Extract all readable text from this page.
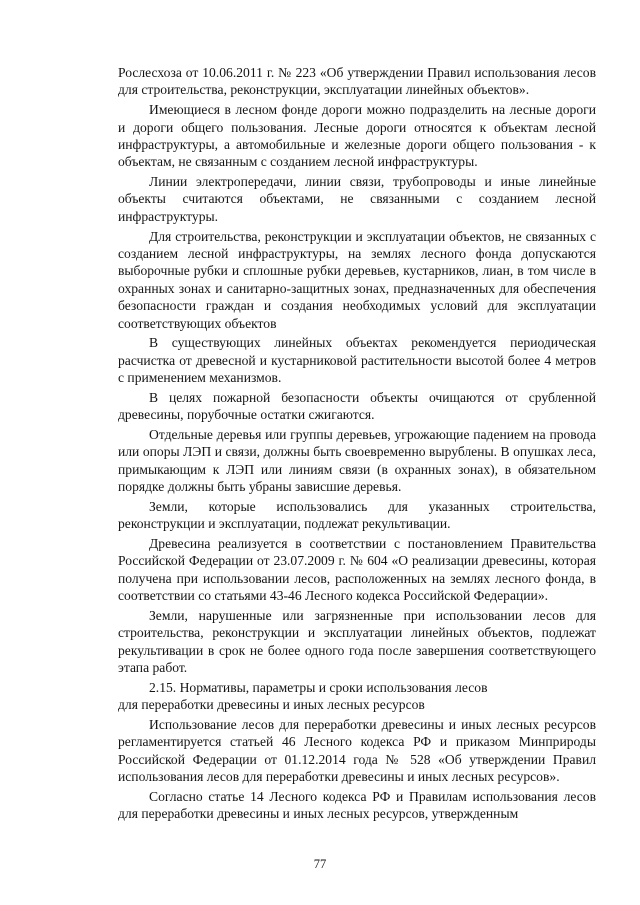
Рослесхоза от 10.06.2011 г. № 223 «Об утверждении Правил использования лесов для строительства, реконструкции, эксплуатации линейных объектов».

Имеющиеся в лесном фонде дороги можно подразделить на лесные дороги и дороги общего пользования. Лесные дороги относятся к объектам лесной инфраструктуры, а автомобильные и железные дороги общего пользования - к объектам, не связанным с созданием лесной инфраструктуры.

Линии электропередачи, линии связи, трубопроводы и иные линейные объекты считаются объектами, не связанными с созданием лесной инфраструктуры.

Для строительства, реконструкции и эксплуатации объектов, не связанных с созданием лесной инфраструктуры, на землях лесного фонда допускаются выборочные рубки и сплошные рубки деревьев, кустарников, лиан, в том числе в охранных зонах и санитарно-защитных зонах, предназначенных для обеспечения безопасности граждан и создания необходимых условий для эксплуатации соответствующих объектов

В существующих линейных объектах рекомендуется периодическая расчистка от древесной и кустарниковой растительности высотой более 4 метров с применением механизмов.

В целях пожарной безопасности объекты очищаются от срубленной древесины, порубочные остатки сжигаются.

Отдельные деревья или группы деревьев, угрожающие падением на провода или опоры ЛЭП и связи, должны быть своевременно вырублены. В опушках леса, примыкающим к ЛЭП или линиям связи (в охранных зонах), в обязательном порядке должны быть убраны зависшие деревья.

Земли, которые использовались для указанных строительства, реконструкции и эксплуатации, подлежат рекультивации.

Древесина реализуется в соответствии с постановлением Правительства Российской Федерации от 23.07.2009 г. № 604 «О реализации древесины, которая получена при использовании лесов, расположенных на землях лесного фонда, в соответствии со статьями 43-46 Лесного кодекса Российской Федерации».

Земли, нарушенные или загрязненные при использовании лесов для строительства, реконструкции и эксплуатации линейных объектов, подлежат рекультивации в срок не более одного года после завершения соответствующего этапа работ.

2.15. Нормативы, параметры и сроки использования лесов

для переработки древесины и иных лесных ресурсов

Использование лесов для переработки древесины и иных лесных ресурсов регламентируется статьей 46 Лесного кодекса РФ и приказом Минприроды Российской Федерации от 01.12.2014 года № 528 «Об утверждении Правил использования лесов для переработки древесины и иных лесных ресурсов».

Согласно статье 14 Лесного кодекса РФ и Правилам использования лесов для переработки древесины и иных лесных ресурсов, утвержденным

77
